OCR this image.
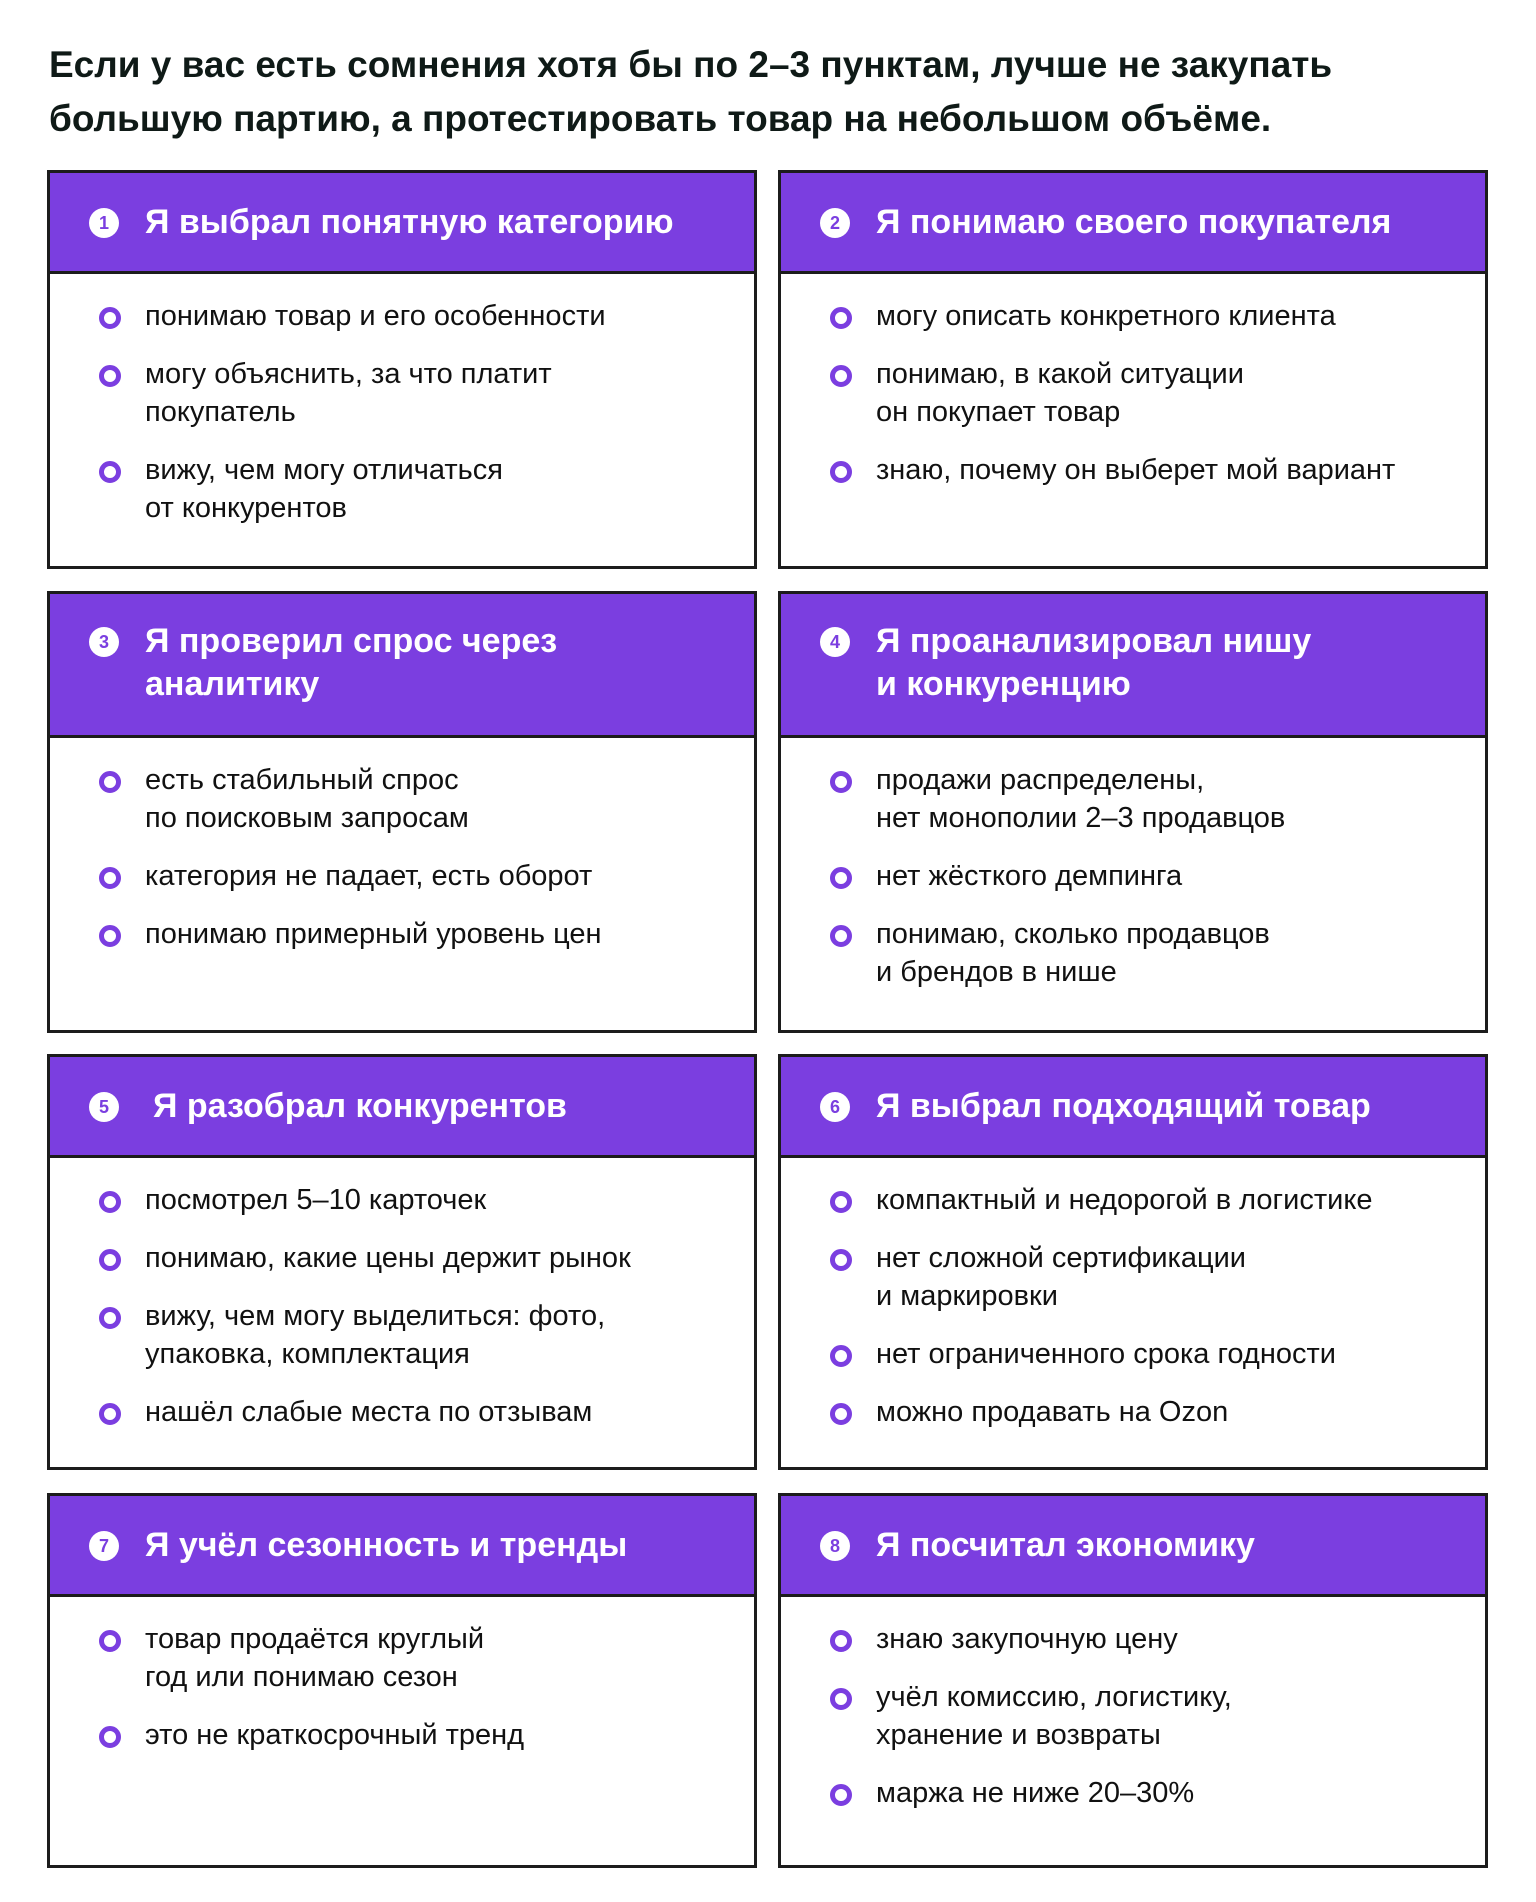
Если у вас есть сомнения хотя бы по 2–3 пунктам, лучше не закупать
большую партию, а протестировать товар на небольшом объёме.
1 Я выбрал понятную категорию
понимаю товар и его особенности
могу объяснить, за что платит
покупатель
вижу, чем могу отличаться
от конкурентов
2 Я понимаю своего покупателя
могу описать конкретного клиента
понимаю, в какой ситуации
он покупает товар
знаю, почему он выберет мой вариант
3 Я проверил спрос через
аналитику
есть стабильный спрос
по поисковым запросам
категория не падает, есть оборот
понимаю примерный уровень цен
4 Я проанализировал нишу
и конкуренцию
продажи распределены,
нет монополии 2–3 продавцов
нет жёсткого демпинга
понимаю, сколько продавцов
и брендов в нише
5 Я разобрал конкурентов
посмотрел 5–10 карточек
понимаю, какие цены держит рынок
вижу, чем могу выделиться: фото,
упаковка, комплектация
нашёл слабые места по отзывам
6 Я выбрал подходящий товар
компактный и недорогой в логистике
нет сложной сертификации
и маркировки
нет ограниченного срока годности
можно продавать на Ozon
7 Я учёл сезонность и тренды
товар продаётся круглый
год или понимаю сезон
это не краткосрочный тренд
8 Я посчитал экономику
знаю закупочную цену
учёл комиссию, логистику,
хранение и возвраты
маржа не ниже 20–30%
